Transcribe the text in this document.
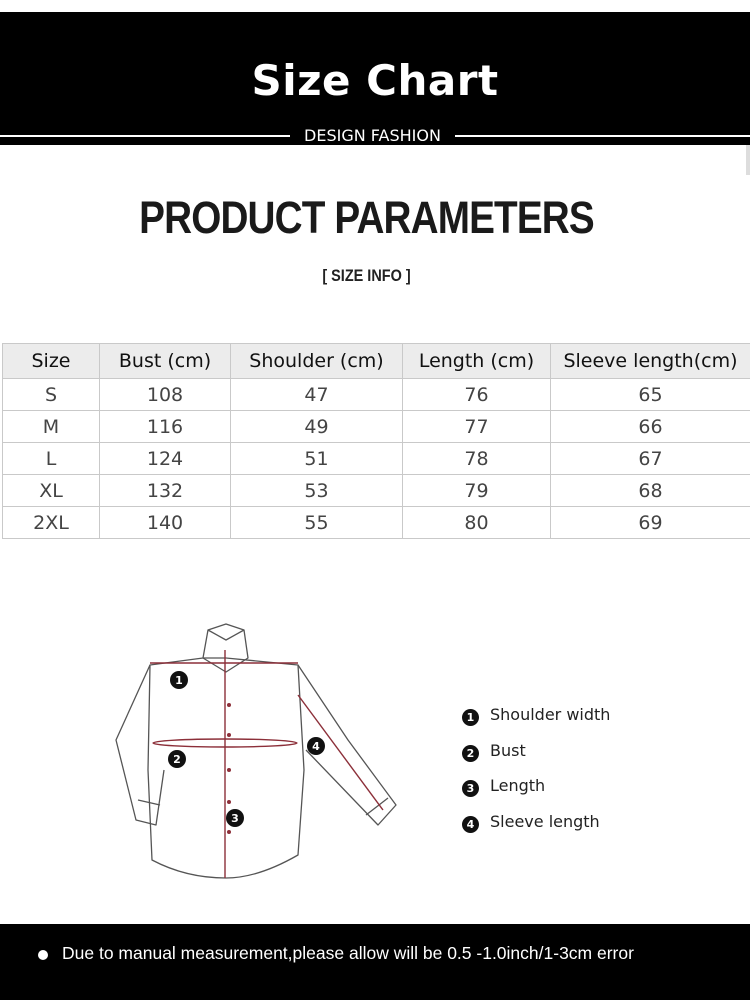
Size Chart
DESIGN FASHION
PRODUCT PARAMETERS
[ SIZE INFO ]
Size	Bust (cm)	Shoulder (cm)	Length (cm)	Sleeve length(cm)
S	108	47	76	65
M	116	49	77	66
L	124	51	78	67
XL	132	53	79	68
2XL	140	55	80	69
1
2
3
4
1 Shoulder width
2 Bust
3 Length
4 Sleeve length
Due to manual measurement,please allow will be 0.5 -1.0inch/1-3cm error
